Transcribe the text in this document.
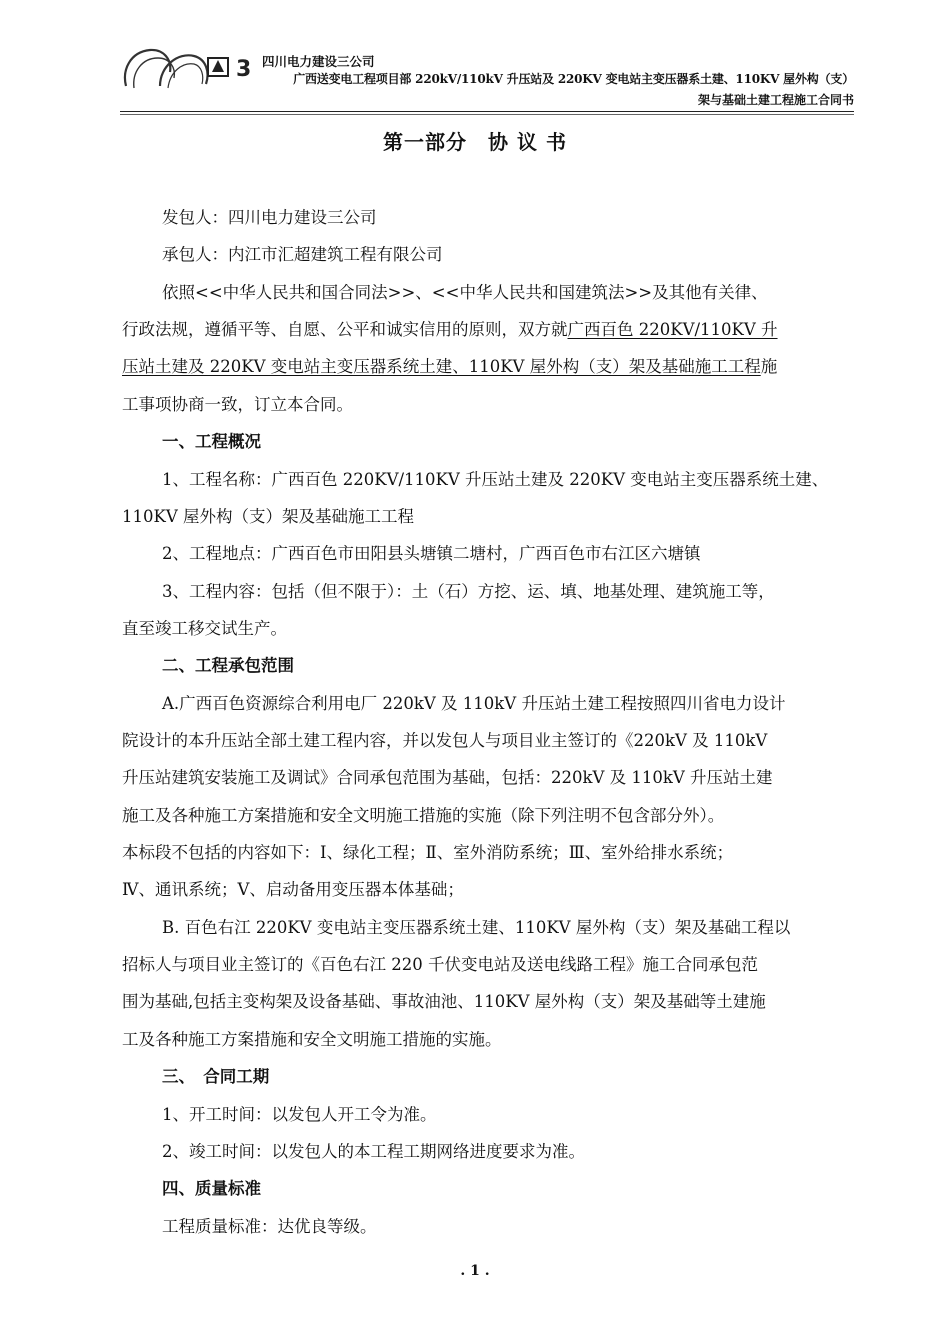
3 四川电力建设三公司
广西送变电工程项目部 220kV/110kV 升压站及 220KV 变电站主变压器系土建、110KV 屋外构（支）
架与基础土建工程施工合同书
第一部分　协 议 书
发包人：四川电力建设三公司
承包人：内江市汇超建筑工程有限公司
依照<<中华人民共和国合同法>>、<<中华人民共和国建筑法>>及其他有关律、
行政法规，遵循平等、自愿、公平和诚实信用的原则，双方就广西百色 220KV/110KV 升
压站土建及 220KV 变电站主变压器系统土建、110KV 屋外构（支）架及基础施工工程施
工事项协商一致，订立本合同。
一、工程概况
1、工程名称：广西百色 220KV/110KV 升压站土建及 220KV 变电站主变压器系统土建、
110KV 屋外构（支）架及基础施工工程
2、工程地点：广西百色市田阳县头塘镇二塘村，广西百色市右江区六塘镇
3、工程内容：包括（但不限于）：土（石）方挖、运、填、地基处理、建筑施工等，
直至竣工移交试生产。
二、工程承包范围
A.广西百色资源综合利用电厂 220kV 及 110kV 升压站土建工程按照四川省电力设计
院设计的本升压站全部土建工程内容，并以发包人与项目业主签订的《220kV 及 110kV
升压站建筑安装施工及调试》合同承包范围为基础，包括：220kV 及 110kV 升压站土建
施工及各种施工方案措施和安全文明施工措施的实施（除下列注明不包含部分外）。
本标段不包括的内容如下：Ⅰ、绿化工程；Ⅱ、室外消防系统；Ⅲ、室外给排水系统；
Ⅳ、通讯系统；Ⅴ、启动备用变压器本体基础；
B. 百色右江 220KV 变电站主变压器系统土建、110KV 屋外构（支）架及基础工程以
招标人与项目业主签订的《百色右江 220 千伏变电站及送电线路工程》施工合同承包范
围为基础,包括主变构架及设备基础、事故油池、110KV 屋外构（支）架及基础等土建施
工及各种施工方案措施和安全文明施工措施的实施。
三、　合同工期
1、开工时间：以发包人开工令为准。
2、竣工时间：以发包人的本工程工期网络进度要求为准。
四、质量标准
工程质量标准：达优良等级。
. 1 .
